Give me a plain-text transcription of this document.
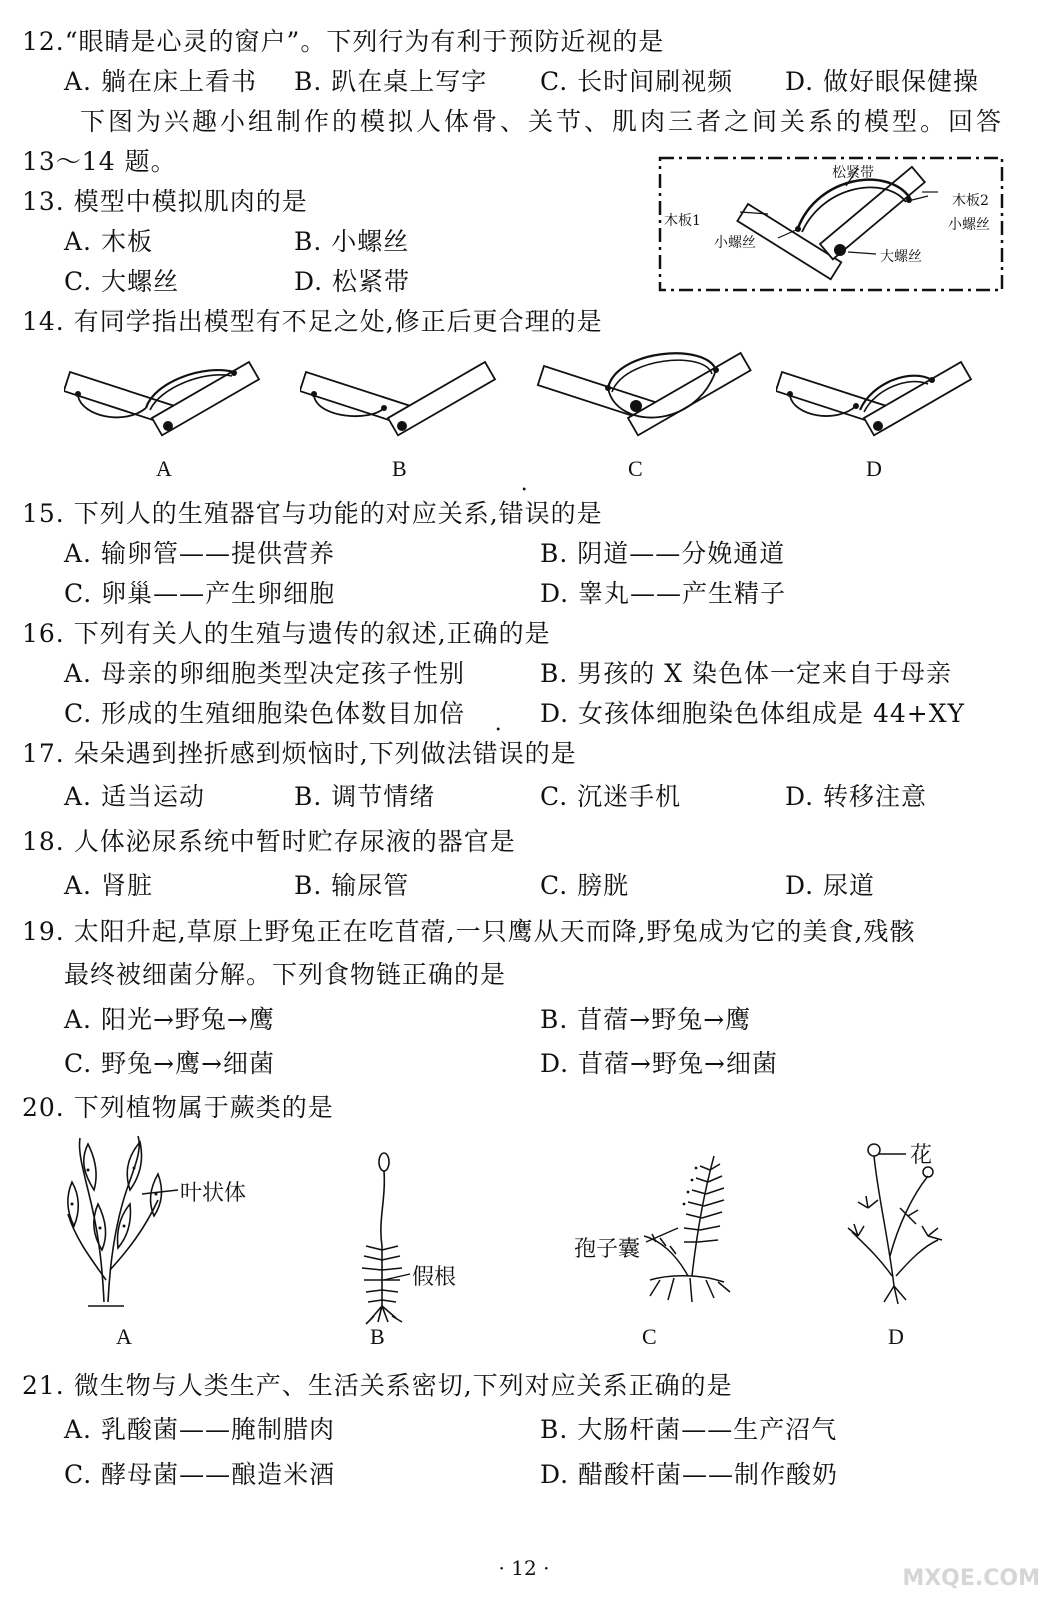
12.“眼睛是心灵的窗户”。下列行为有利于预防近视的是
A. 躺在床上看书 B. 趴在桌上写字 C. 长时间刷视频 D. 做好眼保健操
下图为兴趣小组制作的模拟人体骨、关节、肌肉三者之间关系的模型。回答
13～14 题。	松紧带
木板2
小螺丝
木板1
小螺丝
大螺丝
13. 模型中模拟肌肉的是
A. 木板	B. 小螺丝
C. 大螺丝	D. 松紧带
14. 有同学指出模型有不足之处,修正后更合理的是
A	B	C	D
15. 下列人的生殖器官与功能的对应关系,错误的是
A. 输卵管——提供营养	B. 阴道——分娩通道
C. 卵巢——产生卵细胞	D. 睾丸——产生精子
16. 下列有关人的生殖与遗传的叙述,正确的是
A. 母亲的卵细胞类型决定孩子性别	B. 男孩的 X 染色体一定来自于母亲
C. 形成的生殖细胞染色体数目加倍	D. 女孩体细胞染色体组成是 44+XY
17. 朵朵遇到挫折感到烦恼时,下列做法错误的是
A. 适当运动	B. 调节情绪	C. 沉迷手机	D. 转移注意
18. 人体泌尿系统中暂时贮存尿液的器官是
A. 肾脏	B. 输尿管	C. 膀胱	D. 尿道
19. 太阳升起,草原上野兔正在吃苜蓿,一只鹰从天而降,野兔成为它的美食,残骸
最终被细菌分解。下列食物链正确的是
A. 阳光→野兔→鹰	B. 苜蓿→野兔→鹰
C. 野兔→鹰→细菌	D. 苜蓿→野兔→细菌
20. 下列植物属于蕨类的是
叶状体
假根
孢子囊
花
A	B	C	D
21. 微生物与人类生产、生活关系密切,下列对应关系正确的是
A. 乳酸菌——腌制腊肉	B. 大肠杆菌——生产沼气
C. 酵母菌——酿造米酒	D. 醋酸杆菌——制作酸奶
· 12 ·	MXQE.COM
